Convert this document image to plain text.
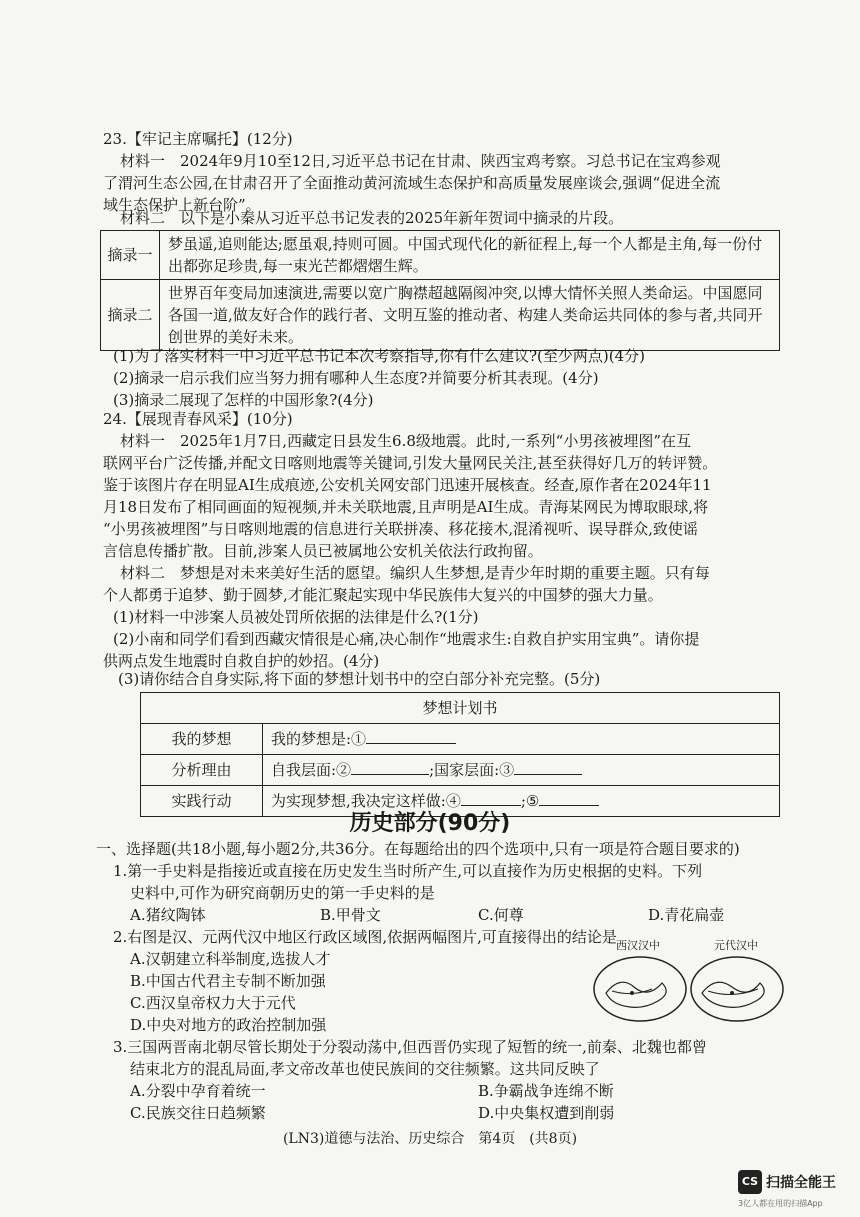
23.【牢记主席嘱托】(12分)
材料一　2024年9月10至12日,习近平总书记在甘肃、陕西宝鸡考察。习总书记在宝鸡参观
了渭河生态公园,在甘肃召开了全面推动黄河流域生态保护和高质量发展座谈会,强调“促进全流
域生态保护上新台阶”。
材料二　以下是小秦从习近平总书记发表的2025年新年贺词中摘录的片段。
摘录一	梦虽遥,追则能达;愿虽艰,持则可圆。中国式现代化的新征程上,每一个人都是主角,每一份付出都弥足珍贵,每一束光芒都熠熠生辉。
摘录二	世界百年变局加速演进,需要以宽广胸襟超越隔阂冲突,以博大情怀关照人类命运。中国愿同各国一道,做友好合作的践行者、文明互鉴的推动者、构建人类命运共同体的参与者,共同开创世界的美好未来。
(1)为了落实材料一中习近平总书记本次考察指导,你有什么建议?(至少两点)(4分)
(2)摘录一启示我们应当努力拥有哪种人生态度?并简要分析其表现。(4分)
(3)摘录二展现了怎样的中国形象?(4分)
24.【展现青春风采】(10分)
材料一　2025年1月7日,西藏定日县发生6.8级地震。此时,一系列“小男孩被埋图”在互
联网平台广泛传播,并配文日喀则地震等关键词,引发大量网民关注,甚至获得好几万的转评赞。
鉴于该图片存在明显AI生成痕迹,公安机关网安部门迅速开展核查。经查,原作者在2024年11
月18日发布了相同画面的短视频,并未关联地震,且声明是AI生成。青海某网民为博取眼球,将
“小男孩被埋图”与日喀则地震的信息进行关联拼凑、移花接木,混淆视听、误导群众,致使谣
言信息传播扩散。目前,涉案人员已被属地公安机关依法行政拘留。
材料二　梦想是对未来美好生活的愿望。编织人生梦想,是青少年时期的重要主题。只有每
个人都勇于追梦、勤于圆梦,才能汇聚起实现中华民族伟大复兴的中国梦的强大力量。
(1)材料一中涉案人员被处罚所依据的法律是什么?(1分)
(2)小南和同学们看到西藏灾情很是心痛,决心制作“地震求生:自救自护实用宝典”。请你提
供两点发生地震时自救自护的妙招。(4分)
梦想计划书	
我的梦想	我的梦想是:①
分析理由	自我层面:② ;国家层面:③
实践行动	为实现梦想,我决定这样做:④ ;⑤
历史部分(90分)
一、选择题(共18小题,每小题2分,共36分。在每题给出的四个选项中,只有一项是符合题目要求的)
1.第一手史料是指接近或直接在历史发生当时所产生,可以直接作为历史根据的史料。下列
史料中,可作为研究商朝历史的第一手史料的是
A.猪纹陶钵	B.甲骨文	C.何尊	D.青花扁壶
2.右图是汉、元两代汉中地区行政区域图,依据两幅图片,可直接得出的结论是
A.汉朝建立科举制度,选拔人才
B.中国古代君主专制不断加强
C.西汉皇帝权力大于元代
D.中央对地方的政治控制加强
西汉汉中	元代汉中
3.三国两晋南北朝尽管长期处于分裂动荡中,但西晋仍实现了短暂的统一,前秦、北魏也都曾
结束北方的混乱局面,孝文帝改革也使民族间的交往频繁。这共同反映了
A.分裂中孕育着统一	B.争霸战争连绵不断
C.民族交往日趋频繁	D.中央集权遭到削弱
(LN3)道德与法治、历史综合　第4页　(共8页)
CS 扫描全能王
3亿人都在用的扫描App
(3)请你结合自身实际,将下面的梦想计划书中的空白部分补充完整。(5分)
